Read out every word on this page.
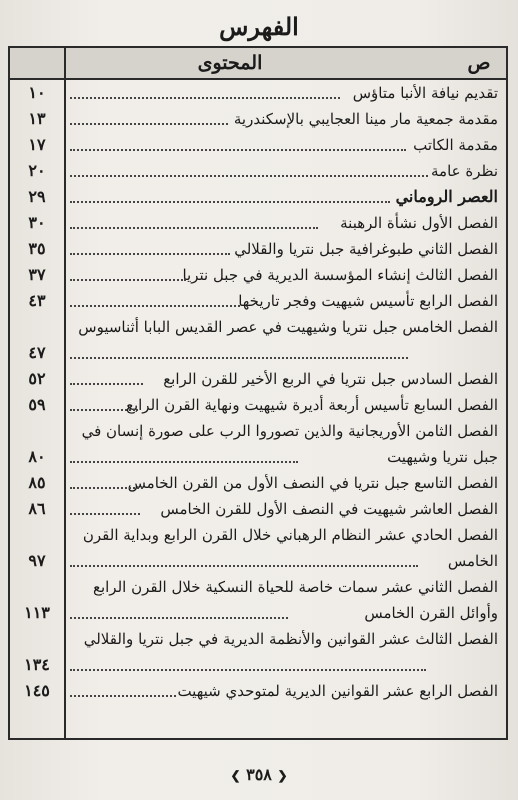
الفهرس
ص
المحتوى
تقديم نيافة الأنبا متاؤس
١٠
مقدمة جمعية مار مينا العجايبي بالإسكندرية
١٣
مقدمة الكاتب
١٧
نظرة عامة
٢٠
العصر الروماني
٢٩
الفصل الأول نشأة الرهبنة
٣٠
الفصل الثاني طبوغرافية جبل نتريا والقلالي
٣٥
الفصل الثالث إنشاء المؤسسة الديرية في جبل نتريا
٣٧
الفصل الرابع تأسيس شيهيت وفجر تاريخها
٤٣
الفصل الخامس جبل نتريا وشيهيت في عصر القديس البابا أثناسيوس
٤٧
الفصل السادس جبل نتريا في الربع الأخير للقرن الرابع
٥٢
الفصل السابع تأسيس أربعة أديرة شيهيت ونهاية القرن الرابع
٥٩
الفصل الثامن الأوريجانية والذين تصوروا الرب على صورة إنسان في جبل نتريا وشيهيت
٨٠
الفصل التاسع جبل نتريا في النصف الأول من القرن الخامس
٨٥
الفصل العاشر شيهيت في النصف الأول للقرن الخامس
٨٦
الفصل الحادي عشر النظام الرهباني خلال القرن الرابع وبداية القرن الخامس
٩٧
الفصل الثاني عشر سمات خاصة للحياة النسكية خلال القرن الرابع وأوائل القرن الخامس
١١٣
الفصل الثالث عشر القوانين والأنظمة الديرية في جبل نتريا والقلالي
١٣٤
الفصل الرابع عشر القوانين الديرية لمتوحدي شيهيت
١٤٥
❮ ٣٥٨ ❯
